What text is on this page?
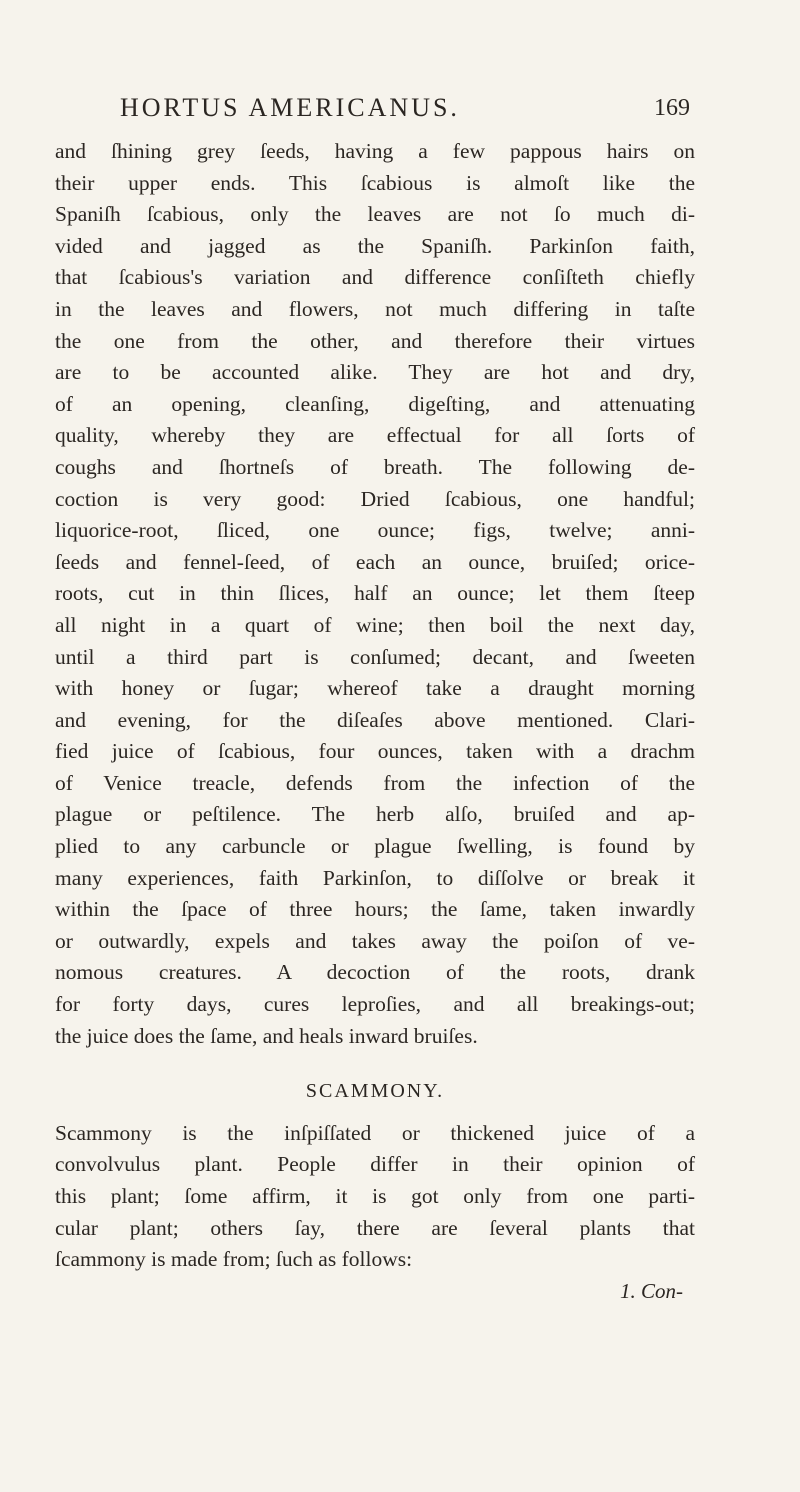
HORTUS AMERICANUS.	169

and ſhining grey ſeeds, having a few pappous hairs on

their upper ends. This ſcabious is almoſt like the

Spaniſh ſcabious, only the leaves are not ſo much di-

vided and jagged as the Spaniſh. Parkinſon faith,

that ſcabious's variation and difference conſiſteth chiefly

in the leaves and flowers, not much differing in taſte

the one from the other, and therefore their virtues

are to be accounted alike. They are hot and dry,

of an opening, cleanſing, digeſting, and attenuating

quality, whereby they are effectual for all ſorts of

coughs and ſhortneſs of breath. The following de-

coction is very good: Dried ſcabious, one handful;

liquorice-root, ſliced, one ounce; figs, twelve; anni-

ſeeds and fennel-ſeed, of each an ounce, bruiſed; orice-

roots, cut in thin ſlices, half an ounce; let them ſteep

all night in a quart of wine; then boil the next day,

until a third part is conſumed; decant, and ſweeten

with honey or ſugar; whereof take a draught morning

and evening, for the diſeaſes above mentioned. Clari-

fied juice of ſcabious, four ounces, taken with a drachm

of Venice treacle, defends from the infection of the

plague or peſtilence. The herb alſo, bruiſed and ap-

plied to any carbuncle or plague ſwelling, is found by

many experiences, faith Parkinſon, to diſſolve or break it

within the ſpace of three hours; the ſame, taken inwardly

or outwardly, expels and takes away the poiſon of ve-

nomous creatures. A decoction of the roots, drank

for forty days, cures leproſies, and all breakings-out;

the juice does the ſame, and heals inward bruiſes.

SCAMMONY.

Scammony is the inſpiſſated or thickened juice of a

convolvulus plant. People differ in their opinion of

this plant; ſome affirm, it is got only from one parti-

cular plant; others ſay, there are ſeveral plants that

ſcammony is made from; ſuch as follows:

1. Con-
